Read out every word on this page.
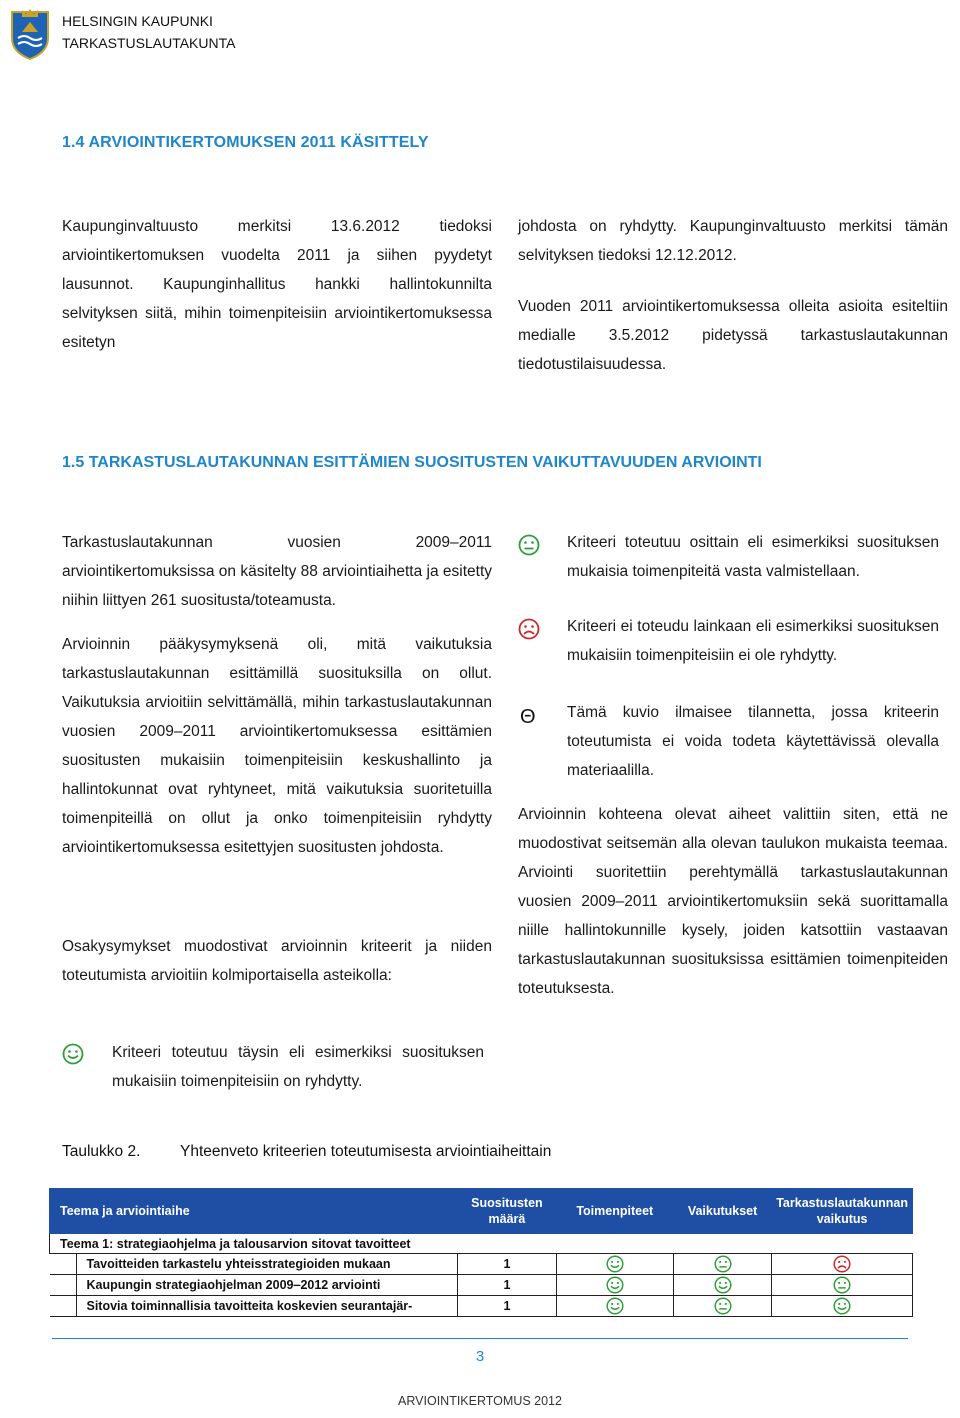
HELSINGIN KAUPUNKI
TARKASTUSLAUTAKUNTA
1.4 ARVIOINTIKERTOMUKSEN 2011 KÄSITTELY

Kaupunginvaltuusto merkitsi 13.6.2012 tiedoksi arviointikertomuksen vuodelta 2011 ja siihen pyydetyt lausunnot. Kaupunginhallitus hankki hallintokunnilta selvityksen siitä, mihin toimenpiteisiin arviointikertomuksessa esitetyn

johdosta on ryhdytty. Kaupunginvaltuusto merkitsi tämän selvityksen tiedoksi 12.12.2012.

Vuoden 2011 arviointikertomuksessa olleita asioita esiteltiin medialle 3.5.2012 pidetyssä tarkastuslautakunnan tiedotustilaisuudessa.

1.5 TARKASTUSLAUTAKUNNAN ESITTÄMIEN SUOSITUSTEN VAIKUTTAVUUDEN ARVIOINTI

Tarkastuslautakunnan vuosien 2009‒2011 arviointikertomuksissa on käsitelty 88 arviointiaihetta ja esitetty niihin liittyen 261 suositusta/toteamusta.

Arvioinnin pääkysymyksenä oli, mitä vaikutuksia tarkastuslautakunnan esittämillä suosituksilla on ollut. Vaikutuksia arvioitiin selvittämällä, mihin tarkastuslautakunnan vuosien 2009‒2011 arviointikertomuksessa esittämien suositusten mukaisiin toimenpiteisiin keskushallinto ja hallintokunnat ovat ryhtyneet, mitä vaikutuksia suoritetuilla toimenpiteillä on ollut ja onko toimenpiteisiin ryhdytty arviointikertomuksessa esitettyjen suositusten johdosta.

Osakysymykset muodostivat arvioinnin kriteerit ja niiden toteutumista arvioitiin kolmiportaisella asteikolla:

Kriteeri toteutuu täysin eli esimerkiksi suosituksen mukaisiin toimenpiteisiin on ryhdytty.

Kriteeri toteutuu osittain eli esimerkiksi suosituksen mukaisia toimenpiteitä vasta valmistellaan.

Kriteeri ei toteudu lainkaan eli esimerkiksi suosituksen mukaisiin toimenpiteisiin ei ole ryhdytty.

Θ Tämä kuvio ilmaisee tilannetta, jossa kriteerin toteutumista ei voida todeta käytettävissä olevalla materiaalilla.

Arvioinnin kohteena olevat aiheet valittiin siten, että ne muodostivat seitsemän alla olevan taulukon mukaista teemaa. Arviointi suoritettiin perehtymällä tarkastuslautakunnan vuosien 2009‒2011 arviointikertomuksiin sekä suorittamalla niille hallintokunnille kysely, joiden katsottiin vastaavan tarkastuslautakunnan suosituksissa esittämien toimenpiteiden toteutuksesta.

Taulukko 2.	Yhteenveto kriteerien toteutumisesta arviointiaiheittain
Teema ja arviointiaihe	Suositusten määrä	Toimenpiteet	Vaikutukset	Tarkastuslautakunnan vaikutus
Teema 1: strategiaohjelma ja talousarvion sitovat tavoitteet				

Tavoitteiden tarkastelu yhteisstrategioiden mukaan	1			

Kaupungin strategiaohjelman 2009‒2012 arviointi	1			

Sitovia toiminnallisia tavoitteita koskevien seurantajär-	1			
3
ARVIOINTIKERTOMUS 2012
